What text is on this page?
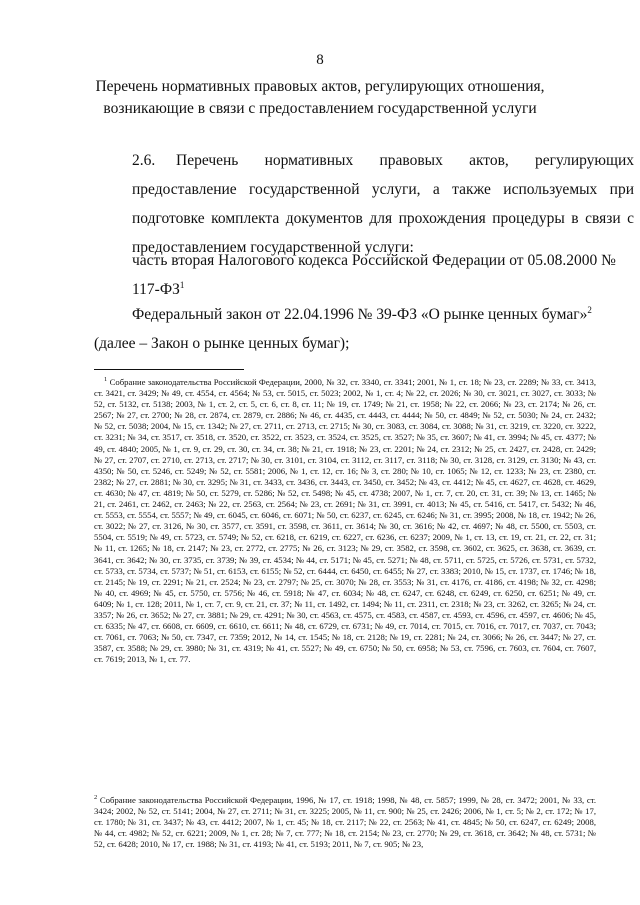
8
Перечень нормативных правовых актов, регулирующих отношения,
возникающие в связи с предоставлением государственной услуги
2.6. Перечень нормативных правовых актов, регулирующих предоставление государственной услуги, а также используемых при подготовке комплекта документов для прохождения процедуры в связи с предоставлением государственной услуги:
часть вторая Налогового кодекса Российской Федерации от 05.08.2000 № $117-ФЗ^1$
Федеральный закон от 22.04.1996 № 39-ФЗ «О рынке ценных бумаг»$^2$
(далее – Закон о рынке ценных бумаг);
$^1$ Собрание законодательства Российской Федерации, 2000, № 32, ст. 3340, ст. 3341; 2001, № 1, ст. 18; № 23, ст. 2289; № 33, ст. 3413, ст. 3421, ст. 3429; № 49, ст. 4554, ст. 4564; № 53, ст. 5015, ст. 5023; 2002, № 1, ст. 4; № 22, ст. 2026; № 30, ст. 3021, ст. 3027, ст. 3033; № 52, ст. 5132, ст. 5138; 2003, № 1, ст. 2, ст. 5, ст. 6, ст. 8, ст. 11; № 19, ст. 1749; № 21, ст. 1958; № 22, ст. 2066; № 23, ст. 2174; № 26, ст. 2567; № 27, ст. 2700; № 28, ст. 2874, ст. 2879, ст. 2886; № 46, ст. 4435, ст. 4443, ст. 4444; № 50, ст. 4849; № 52, ст. 5030; № 24, ст. 2432; № 52, ст. 5038; 2004, № 15, ст. 1342; № 27, ст. 2711, ст. 2713, ст. 2715; № 30, ст. 3083, ст. 3084, ст. 3088; № 31, ст. 3219, ст. 3220, ст. 3222, ст. 3231; № 34, ст. 3517, ст. 3518, ст. 3520, ст. 3522, ст. 3523, ст. 3524, ст. 3525, ст. 3527; № 35, ст. 3607; № 41, ст. 3994; № 45, ст. 4377; № 49, ст. 4840; 2005, № 1, ст. 9, ст. 29, ст. 30, ст. 34, ст. 38; № 21, ст. 1918; № 23, ст. 2201; № 24, ст. 2312; № 25, ст. 2427, ст. 2428, ст. 2429; № 27, ст. 2707, ст. 2710, ст. 2713, ст. 2717; № 30, ст. 3101, ст. 3104, ст. 3112, ст. 3117, ст. 3118; № 30, ст. 3128, ст. 3129, ст. 3130; № 43, ст. 4350; № 50, ст. 5246, ст. 5249; № 52, ст. 5581; 2006, № 1, ст. 12, ст. 16; № 3, ст. 280; № 10, ст. 1065; № 12, ст. 1233; № 23, ст. 2380, ст. 2382; № 27, ст. 2881; № 30, ст. 3295; № 31, ст. 3433, ст. 3436, ст. 3443, ст. 3450, ст. 3452; № 43, ст. 4412; № 45, ст. 4627, ст. 4628, ст. 4629, ст. 4630; № 47, ст. 4819; № 50, ст. 5279, ст. 5286; № 52, ст. 5498; № 45, ст. 4738; 2007, № 1, ст. 7, ст. 20, ст. 31, ст. 39; № 13, ст. 1465; № 21, ст. 2461, ст. 2462, ст. 2463; № 22, ст. 2563, ст. 2564; № 23, ст. 2691; № 31, ст. 3991, ст. 4013; № 45, ст. 5416, ст. 5417, ст. 5432; № 46, ст. 5553, ст. 5554, ст. 5557; № 49, ст. 6045, ст. 6046, ст. 6071; № 50, ст. 6237, ст. 6245, ст. 6246; № 31, ст. 3995; 2008, № 18, ст. 1942; № 26, ст. 3022; № 27, ст. 3126, № 30, ст. 3577, ст. 3591, ст. 3598, ст. 3611, ст. 3614; № 30, ст. 3616; № 42, ст. 4697; № 48, ст. 5500, ст. 5503, ст. 5504, ст. 5519; № 49, ст. 5723, ст. 5749; № 52, ст. 6218, ст. 6219, ст. 6227, ст. 6236, ст. 6237; 2009, № 1, ст. 13, ст. 19, ст. 21, ст. 22, ст. 31; № 11, ст. 1265; № 18, ст. 2147; № 23, ст. 2772, ст. 2775; № 26, ст. 3123; № 29, ст. 3582, ст. 3598, ст. 3602, ст. 3625, ст. 3638, ст. 3639, ст. 3641, ст. 3642; № 30, ст. 3735, ст. 3739; № 39, ст. 4534; № 44, ст. 5171; № 45, ст. 5271; № 48, ст. 5711, ст. 5725, ст. 5726, ст. 5731, ст. 5732, ст. 5733, ст. 5734, ст. 5737; № 51, ст. 6153, ст. 6155; № 52, ст. 6444, ст. 6450, ст. 6455; № 27, ст. 3383; 2010, № 15, ст. 1737, ст. 1746; № 18, ст. 2145; № 19, ст. 2291; № 21, ст. 2524; № 23, ст. 2797; № 25, ст. 3070; № 28, ст. 3553; № 31, ст. 4176, ст. 4186, ст. 4198; № 32, ст. 4298; № 40, ст. 4969; № 45, ст. 5750, ст. 5756; № 46, ст. 5918; № 47, ст. 6034; № 48, ст. 6247, ст. 6248, ст. 6249, ст. 6250, ст. 6251; № 49, ст. 6409; № 1, ст. 128; 2011, № 1, ст. 7, ст. 9, ст. 21, ст. 37; № 11, ст. 1492, ст. 1494; № 11, ст. 2311, ст. 2318; № 23, ст. 3262, ст. 3265; № 24, ст. 3357; № 26, ст. 3652; № 27, ст. 3881; № 29, ст. 4291; № 30, ст. 4563, ст. 4575, ст. 4583, ст. 4587, ст. 4593, ст. 4596, ст. 4597, ст. 4606; № 45, ст. 6335; № 47, ст. 6608, ст. 6609, ст. 6610, ст. 6611; № 48, ст. 6729, ст. 6731; № 49, ст. 7014, ст. 7015, ст. 7016, ст. 7017, ст. 7037, ст. 7043; ст. 7061, ст. 7063; № 50, ст. 7347, ст. 7359; 2012, № 14, ст. 1545; № 18, ст. 2128; № 19, ст. 2281; № 24, ст. 3066; № 26, ст. 3447; № 27, ст. 3587, ст. 3588; № 29, ст. 3980; № 31, ст. 4319; № 41, ст. 5527; № 49, ст. 6750; № 50, ст. 6958; № 53, ст. 7596, ст. 7603, ст. 7604, ст. 7607, ст. 7619; 2013, № 1, ст. 77.
$^2$ Собрание законодательства Российской Федерации, 1996, № 17, ст. 1918; 1998, № 48, ст. 5857; 1999, № 28, ст. 3472; 2001, № 33, ст. 3424; 2002, № 52, ст. 5141; 2004, № 27, ст. 2711; № 31, ст. 3225; 2005, № 11, ст. 900; № 25, ст. 2426; 2006, № 1, ст. 5; № 2, ст. 172; № 17, ст. 1780; № 31, ст. 3437; № 43, ст. 4412; 2007, № 1, ст. 45; № 18, ст. 2117; № 22, ст. 2563; № 41, ст. 4845; № 50, ст. 6247, ст. 6249; 2008, № 44, ст. 4982; № 52, ст. 6221; 2009, № 1, ст. 28; № 7, ст. 777; № 18, ст. 2154; № 23, ст. 2770; № 29, ст. 3618, ст. 3642; № 48, ст. 5731; № 52, ст. 6428; 2010, № 17, ст. 1988; № 31, ст. 4193; № 41, ст. 5193; 2011, № 7, ст. 905; № 23,
